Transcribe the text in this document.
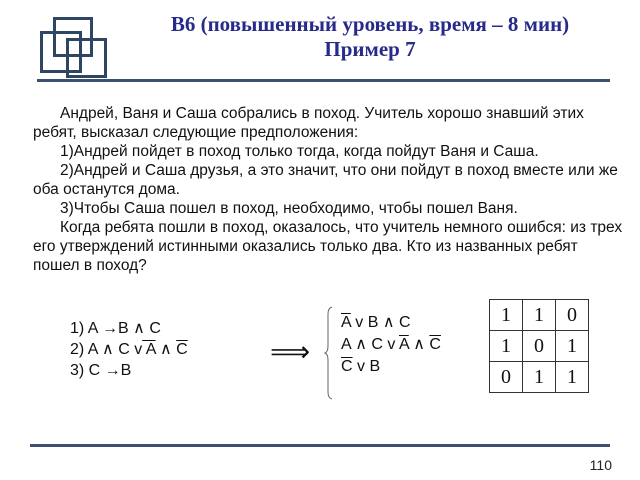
B6 (повышенный уровень, время – 8 мин)
Пример 7

Андрей, Ваня и Саша собрались в поход. Учитель хорошо знавший этих ребят, высказал следующие предположения:

1)Андрей пойдет в поход только тогда, когда пойдут Ваня и Саша.

2)Андрей и Саша друзья, а это значит, что они пойдут в поход вместе или же оба останутся дома.

3)Чтобы Саша пошел в поход, необходимо, чтобы пошел Ваня.

Когда ребята пошли в поход, оказалось, что учитель немного ошибся: из трех его утверждений истинными оказались только два. Кто из названных ребят пошел в поход?

1) A →B ∧ C
2) A ∧ C v A ∧ $\overline{C}$
3) C →B
⟹
$\overline{A}$ v B ∧ C
A ∧ C v $\overline{A}$ ∧ $\overline{C}$
$\overline{C}$ v B
1	1	0
1	0	1
0	1	1
110
